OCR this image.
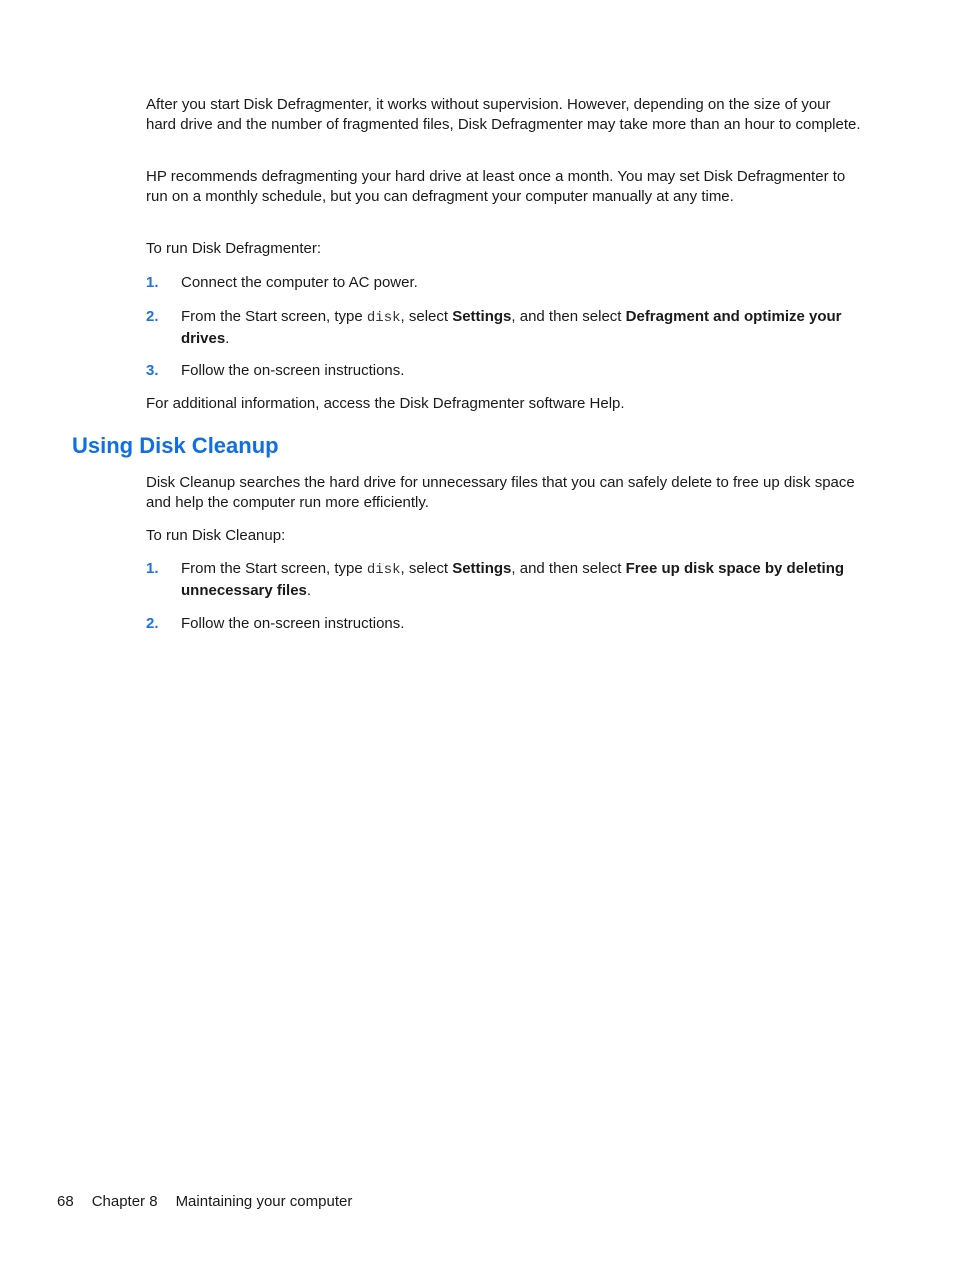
After you start Disk Defragmenter, it works without supervision. However, depending on the size of your hard drive and the number of fragmented files, Disk Defragmenter may take more than an hour to complete.

HP recommends defragmenting your hard drive at least once a month. You may set Disk Defragmenter to run on a monthly schedule, but you can defragment your computer manually at any time.

To run Disk Defragmenter:

1. Connect the computer to AC power.
2. From the Start screen, type disk, select Settings, and then select Defragment and optimize your drives.
3. Follow the on-screen instructions.

For additional information, access the Disk Defragmenter software Help.

Using Disk Cleanup

Disk Cleanup searches the hard drive for unnecessary files that you can safely delete to free up disk space and help the computer run more efficiently.

To run Disk Cleanup:

1. From the Start screen, type disk, select Settings, and then select Free up disk space by deleting unnecessary files.
2. Follow the on-screen instructions.
68 Chapter 8 Maintaining your computer
